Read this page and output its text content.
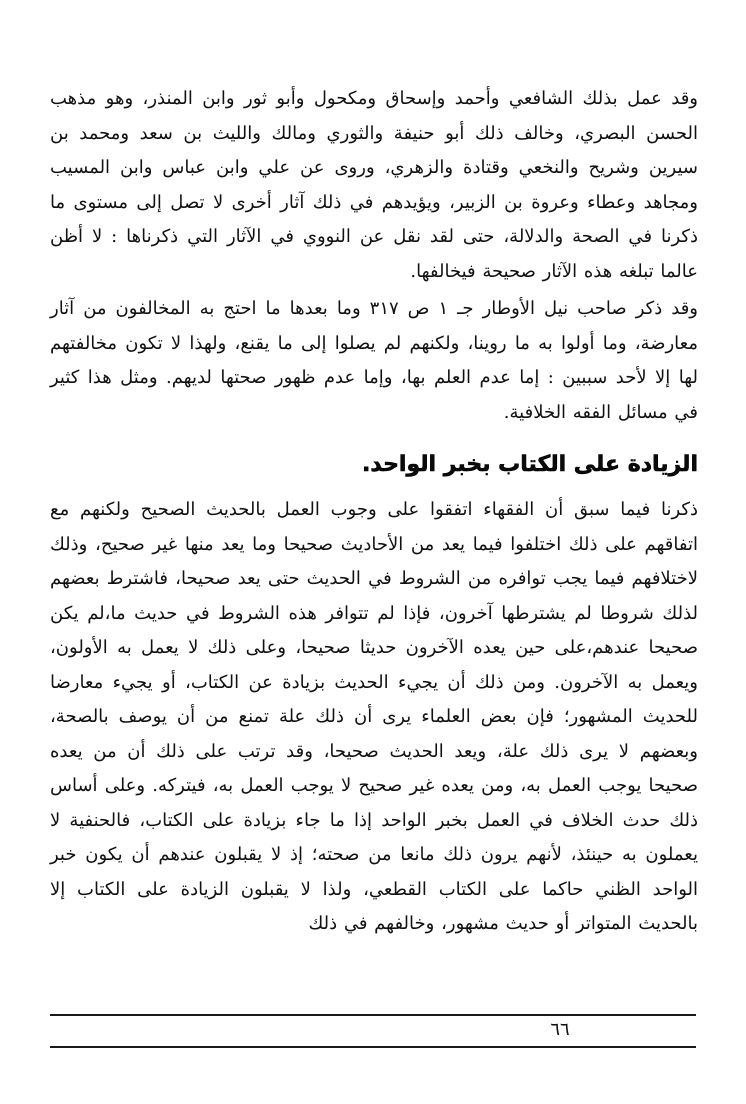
وقد عمل بذلك الشافعي وأحمد وإسحاق ومكحول وأبو ثور وابن المنذر، وهو مذهب الحسن البصري، وخالف ذلك أبو حنيفة والثوري ومالك والليث بن سعد ومحمد بن سيرين وشريح والنخعي وقتادة والزهري، وروى عن علي وابن عباس وابن المسيب ومجاهد وعطاء وعروة بن الزبير، ويؤيدهم في ذلك آثار أخرى لا تصل إلى مستوى ما ذكرنا في الصحة والدلالة، حتى لقد نقل عن النووي في الآثار التي ذكرناها : لا أظن عالما تبلغه هذه الآثار صحيحة فيخالفها.

وقد ذكر صاحب نيل الأوطار جـ ١ ص ٣١٧ وما بعدها ما احتج به المخالفون من آثار معارضة، وما أولوا به ما روينا، ولكنهم لم يصلوا إلى ما يقنع، ولهذا لا تكون مخالفتهم لها إلا لأحد سببين : إما عدم العلم بها، وإما عدم ظهور صحتها لديهم. ومثل هذا كثير في مسائل الفقه الخلافية.

الزيادة على الكتاب بخبر الواحد.

ذكرنا فيما سبق أن الفقهاء اتفقوا على وجوب العمل بالحديث الصحيح ولكنهم مع اتفاقهم على ذلك اختلفوا فيما يعد من الأحاديث صحيحا وما يعد منها غير صحيح، وذلك لاختلافهم فيما يجب توافره من الشروط في الحديث حتى يعد صحيحا، فاشترط بعضهم لذلك شروطا لم يشترطها آخرون، فإذا لم تتوافر هذه الشروط في حديث ما،لم يكن صحيحا عندهم،على حين يعده الآخرون حديثا صحيحا، وعلى ذلك لا يعمل به الأولون، ويعمل به الآخرون. ومن ذلك أن يجيء الحديث بزيادة عن الكتاب، أو يجيء معارضا للحديث المشهور؛ فإن بعض العلماء يرى أن ذلك علة تمنع من أن يوصف بالصحة، وبعضهم لا يرى ذلك علة، ويعد الحديث صحيحا، وقد ترتب على ذلك أن من يعده صحيحا يوجب العمل به، ومن يعده غير صحيح لا يوجب العمل به، فيتركه. وعلى أساس ذلك حدث الخلاف في العمل بخبر الواحد إذا ما جاء بزيادة على الكتاب، فالحنفية لا يعملون به حينئذ، لأنهم يرون ذلك مانعا من صحته؛ إذ لا يقبلون عندهم أن يكون خبر الواحد الظني حاكما على الكتاب القطعي، ولذا لا يقبلون الزيادة على الكتاب إلا بالحديث المتواتر أو حديث مشهور، وخالفهم في ذلك

٦٦
